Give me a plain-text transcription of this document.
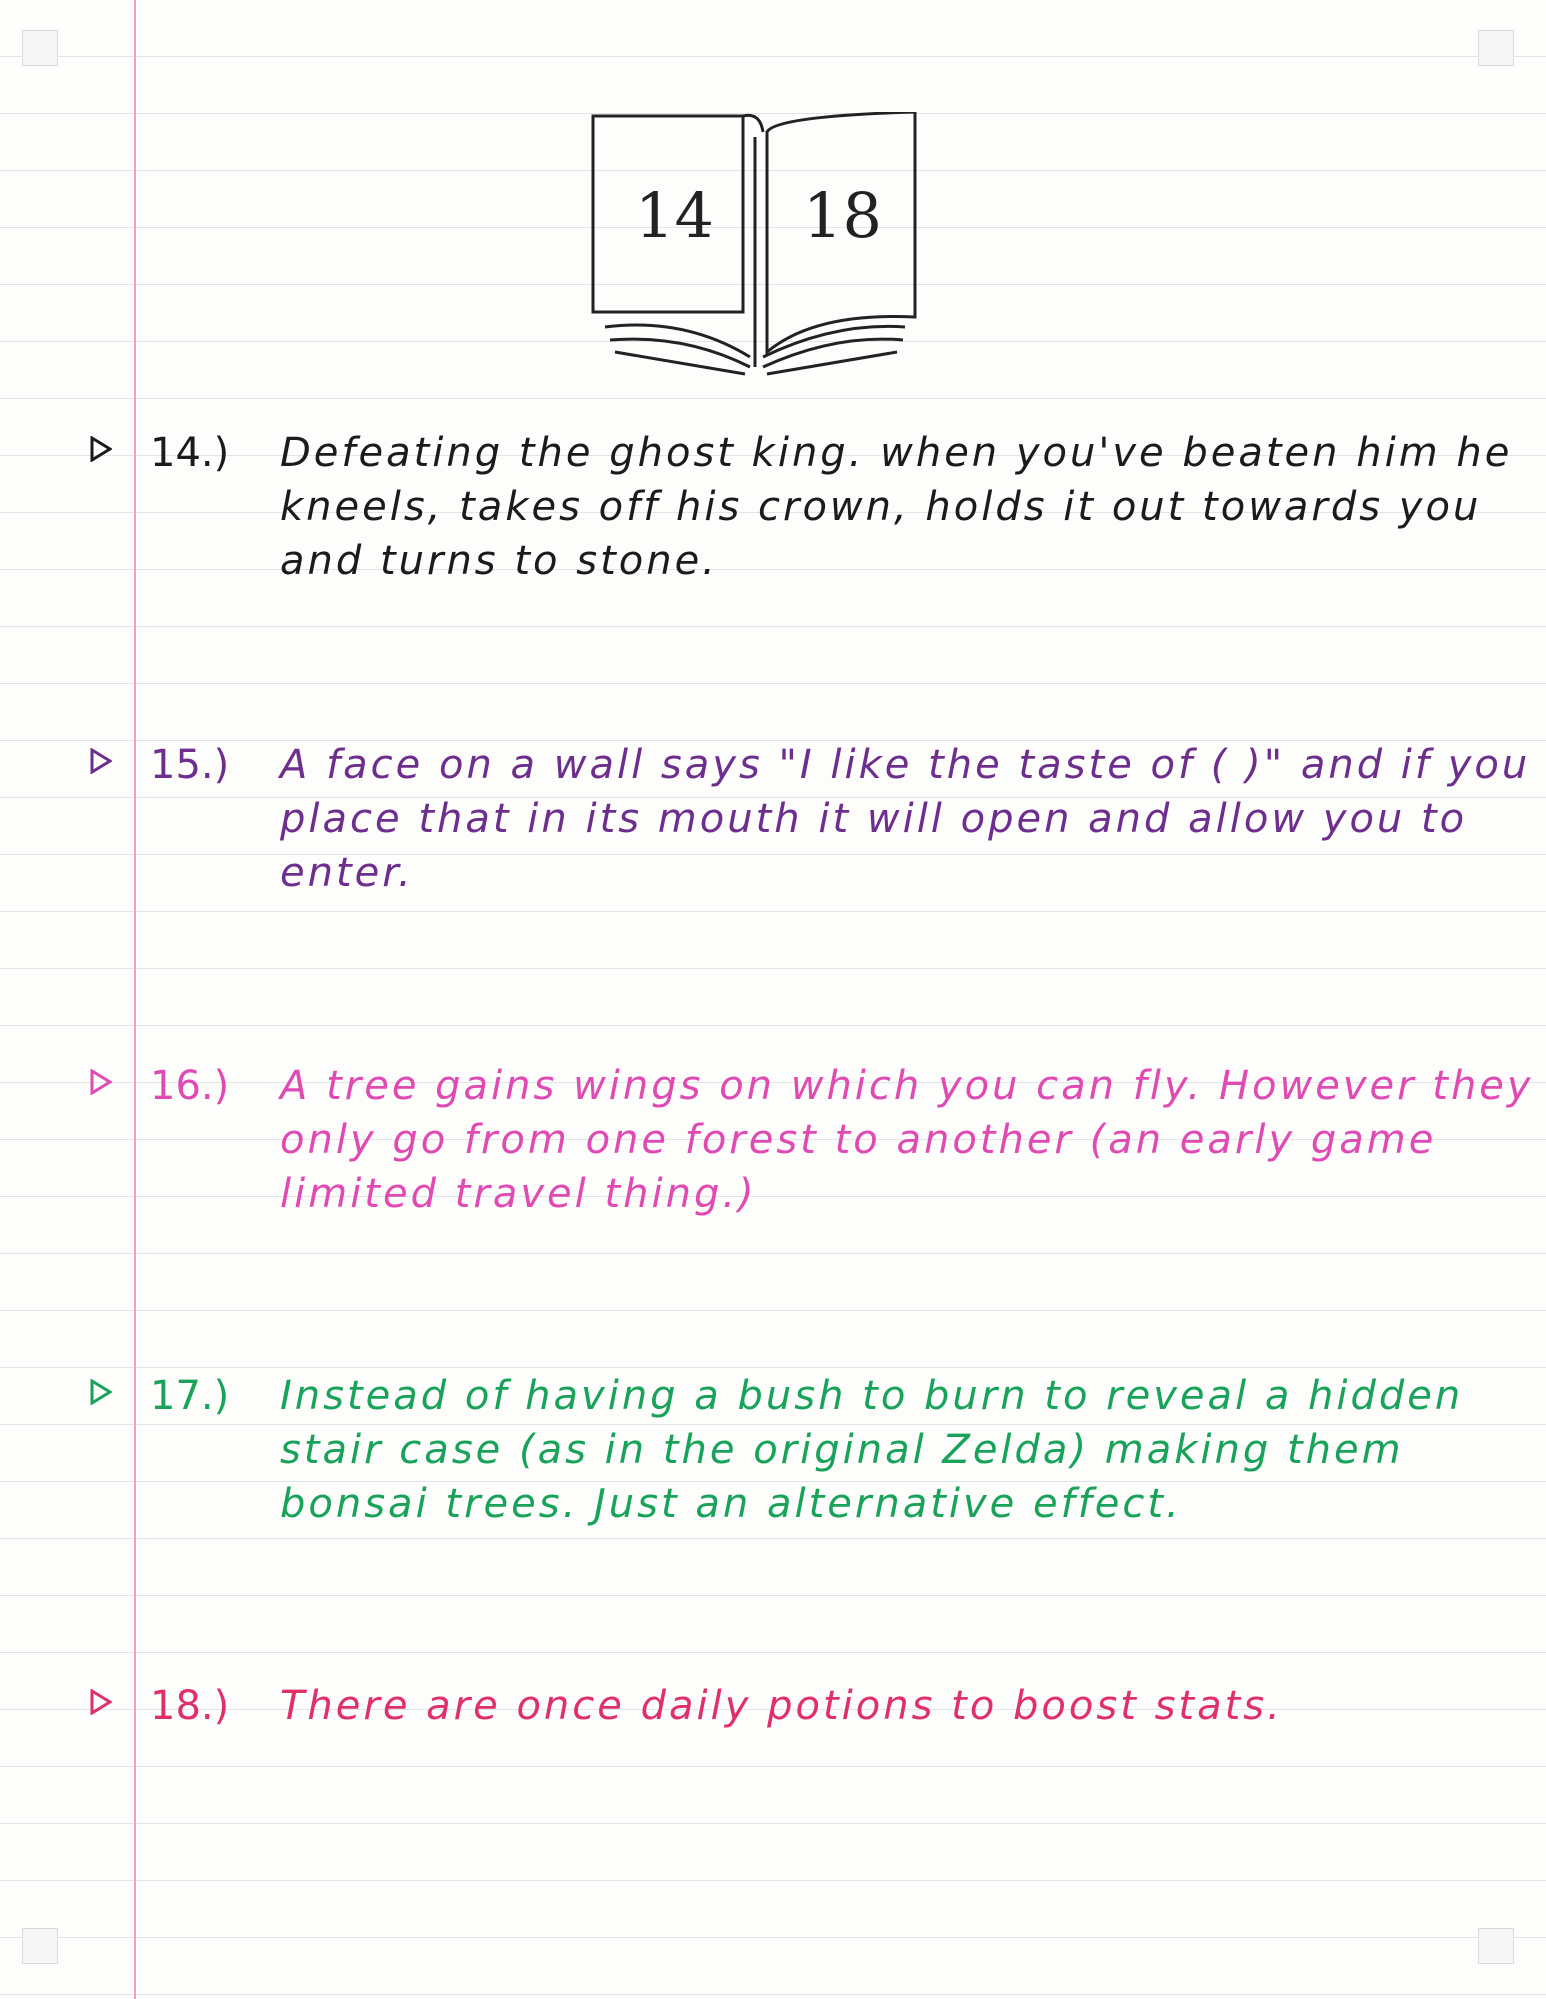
14 18
14.) Defeating the ghost king. when you've beaten him he kneels, takes off his crown, holds it out towards you and turns to stone.
15.) A face on a wall says "I like the taste of ( )" and if you place that in its mouth it will open and allow you to enter.
16.) A tree gains wings on which you can fly. However they only go from one forest to another (an early game limited travel thing.)
17.) Instead of having a bush to burn to reveal a hidden stair case (as in the original Zelda) making them bonsai trees. Just an alternative effect.
18.) There are once daily potions to boost stats.
